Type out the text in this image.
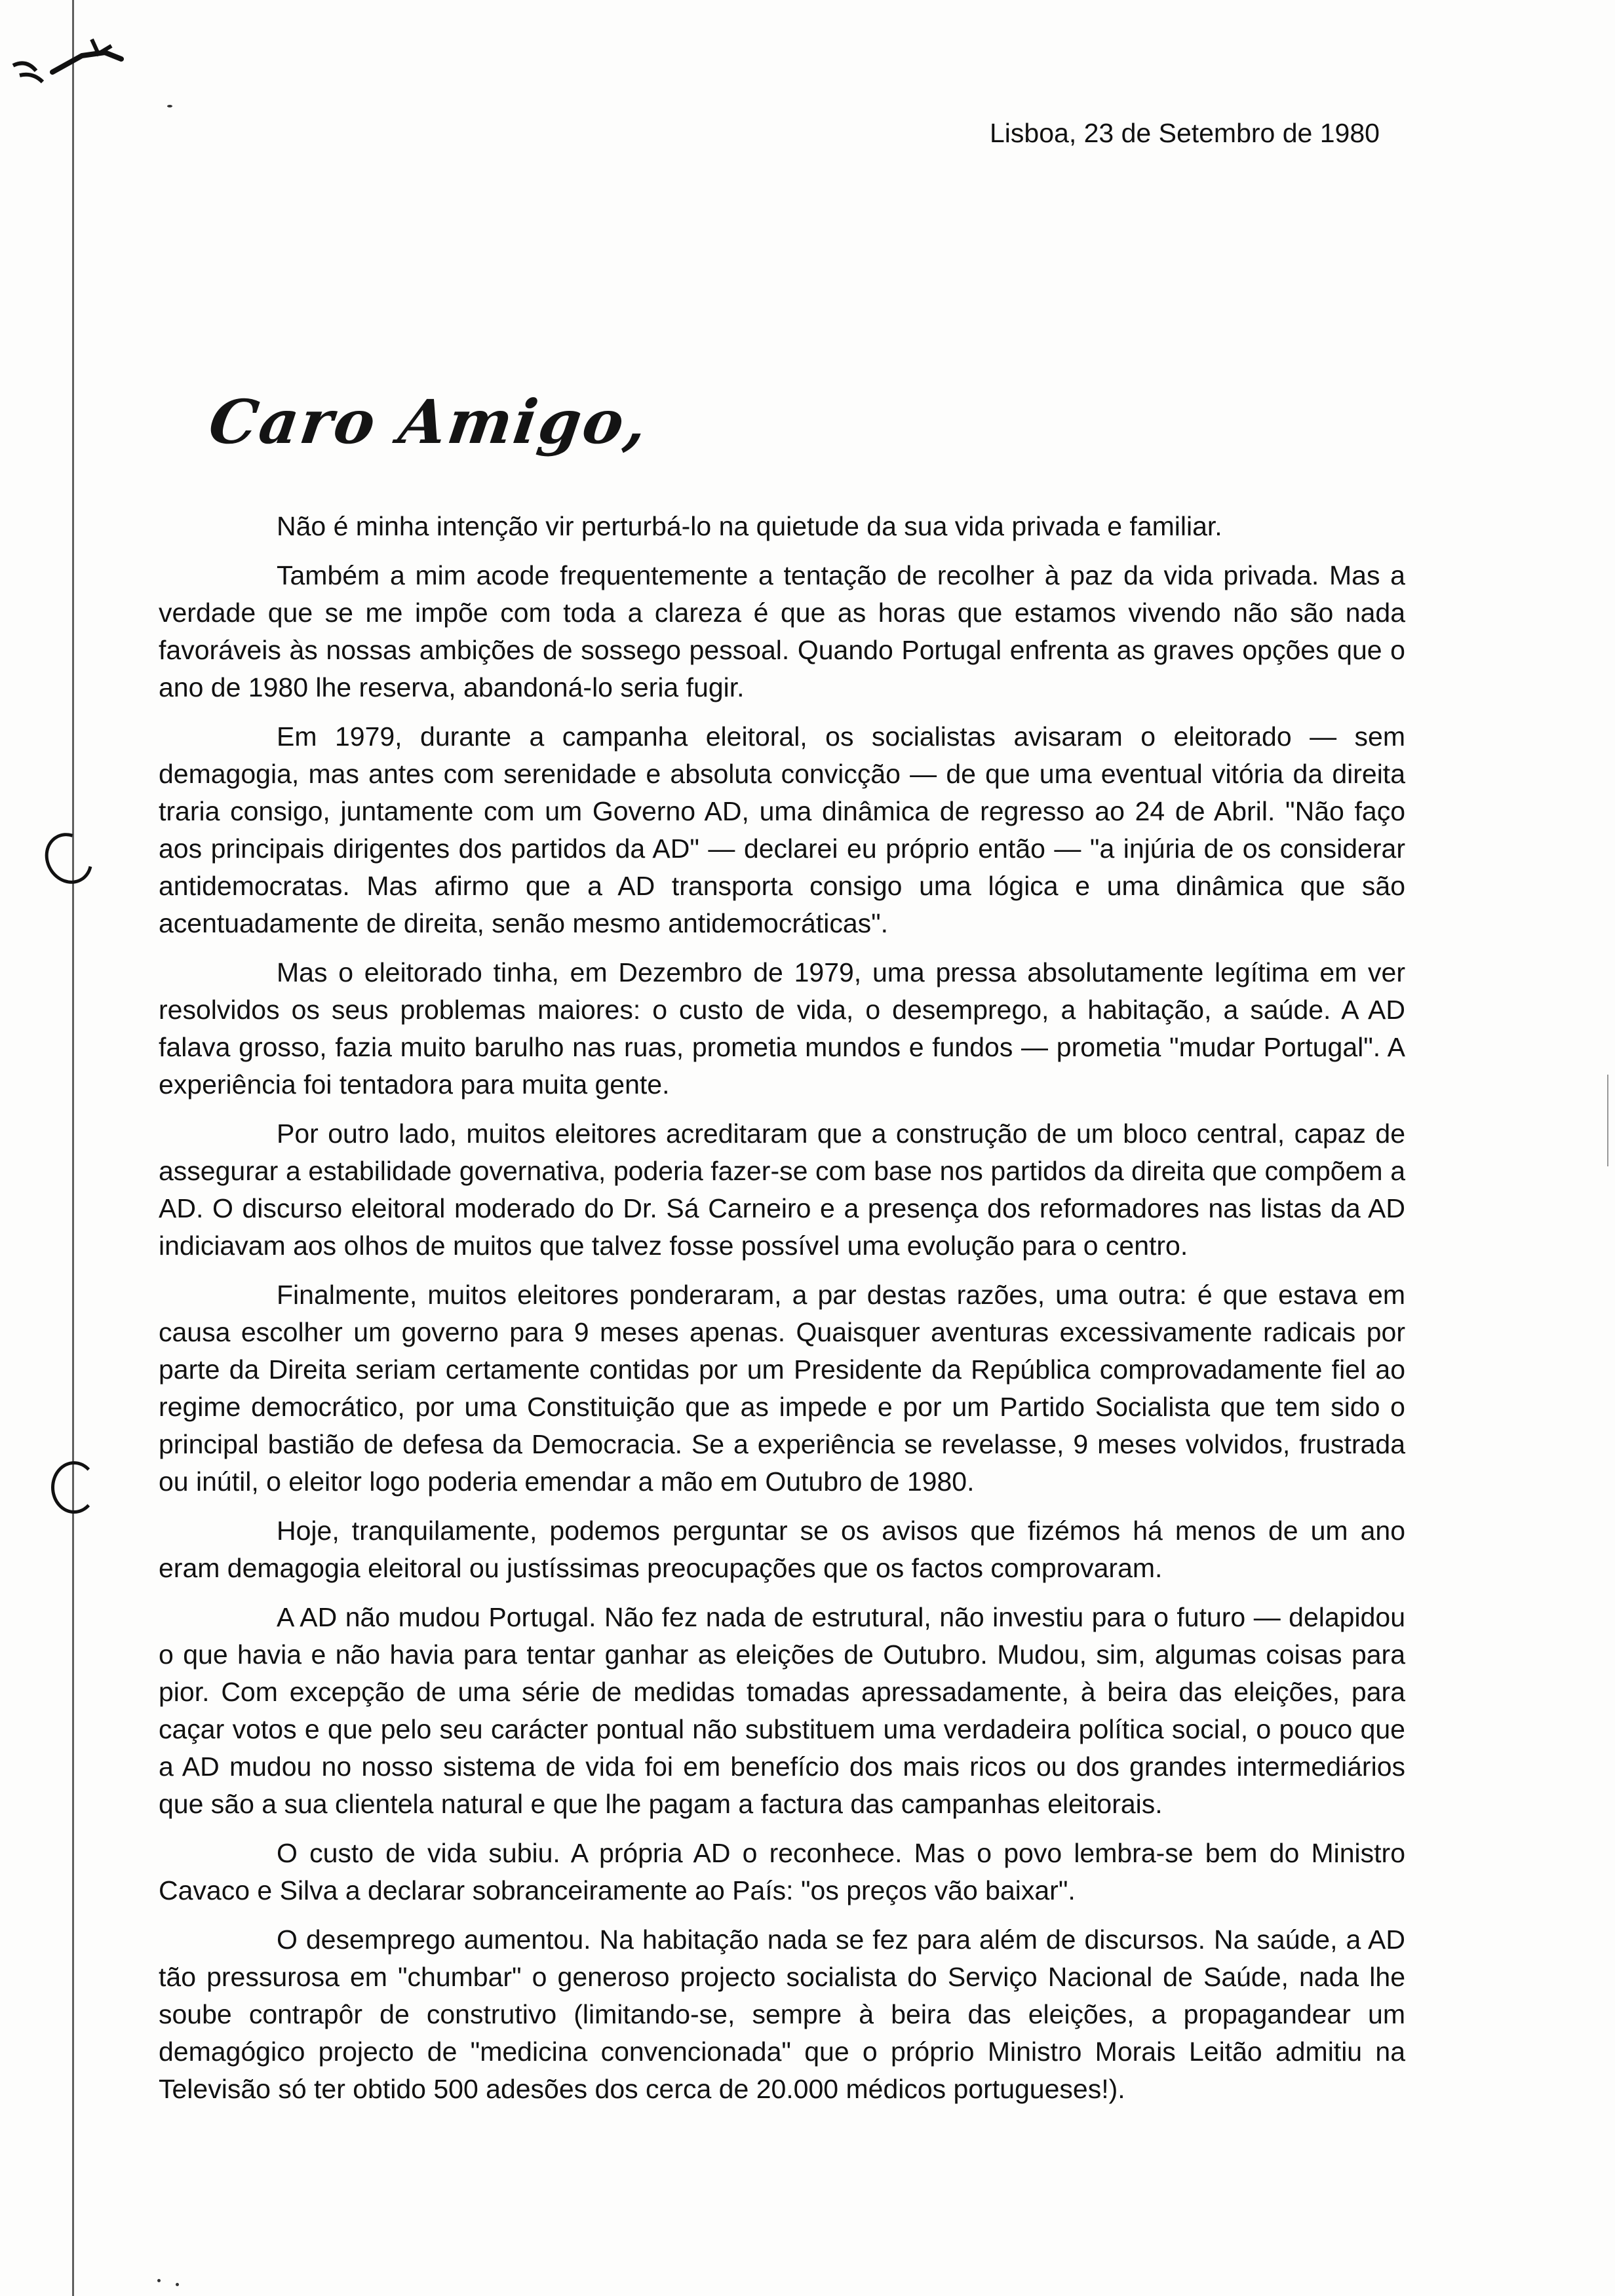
Lisboa, 23 de Setembro de 1980
Caro Amigo,

Não é minha intenção vir perturbá-lo na quietude da sua vida privada e familiar.

Também a mim acode frequentemente a tentação de recolher à paz da vida privada. Mas a verdade que se me impõe com toda a clareza é que as horas que estamos vivendo não são nada favoráveis às nossas ambições de sossego pessoal. Quando Portugal enfrenta as graves opções que o ano de 1980 lhe reserva, abandoná-lo seria fugir.

Em 1979, durante a campanha eleitoral, os socialistas avisaram o eleitorado — sem demagogia, mas antes com serenidade e absoluta convicção — de que uma eventual vitória da direita traria consigo, juntamente com um Governo AD, uma dinâmica de regresso ao 24 de Abril. "Não faço aos principais dirigentes dos partidos da AD" — declarei eu próprio então — "a injúria de os considerar antidemocratas. Mas afirmo que a AD transporta consigo uma lógica e uma dinâmica que são acentuadamente de direita, senão mesmo antidemocráticas".

Mas o eleitorado tinha, em Dezembro de 1979, uma pressa absolutamente legítima em ver resolvidos os seus problemas maiores: o custo de vida, o desemprego, a habitação, a saúde. A AD falava grosso, fazia muito barulho nas ruas, prometia mundos e fundos — prometia "mudar Portugal". A experiência foi tentadora para muita gente.

Por outro lado, muitos eleitores acreditaram que a construção de um bloco central, capaz de assegurar a estabilidade governativa, poderia fazer-se com base nos partidos da direita que compõem a AD. O discurso eleitoral moderado do Dr. Sá Carneiro e a presença dos reformadores nas listas da AD indiciavam aos olhos de muitos que talvez fosse possível uma evolução para o centro.

Finalmente, muitos eleitores ponderaram, a par destas razões, uma outra: é que estava em causa escolher um governo para 9 meses apenas. Quaisquer aventuras excessivamente radicais por parte da Direita seriam certamente contidas por um Presidente da República comprovadamente fiel ao regime democrático, por uma Constituição que as impede e por um Partido Socialista que tem sido o principal bastião de defesa da Democracia. Se a experiência se revelasse, 9 meses volvidos, frustrada ou inútil, o eleitor logo poderia emendar a mão em Outubro de 1980.

Hoje, tranquilamente, podemos perguntar se os avisos que fizémos há menos de um ano eram demagogia eleitoral ou justíssimas preocupações que os factos comprovaram.

A AD não mudou Portugal. Não fez nada de estrutural, não investiu para o futuro — delapidou o que havia e não havia para tentar ganhar as eleições de Outubro. Mudou, sim, algumas coisas para pior. Com excepção de uma série de medidas tomadas apressadamente, à beira das eleições, para caçar votos e que pelo seu carácter pontual não substituem uma verdadeira política social, o pouco que a AD mudou no nosso sistema de vida foi em benefício dos mais ricos ou dos grandes intermediários que são a sua clientela natural e que lhe pagam a factura das campanhas eleitorais.

O custo de vida subiu. A própria AD o reconhece. Mas o povo lembra-se bem do Ministro Cavaco e Silva a declarar sobranceiramente ao País: "os preços vão baixar".

O desemprego aumentou. Na habitação nada se fez para além de discursos. Na saúde, a AD tão pressurosa em "chumbar" o generoso projecto socialista do Serviço Nacional de Saúde, nada lhe soube contrapôr de construtivo (limitando-se, sempre à beira das eleições, a propagandear um demagógico projecto de "medicina convencionada" que o próprio Ministro Morais Leitão admitiu na Televisão só ter obtido 500 adesões dos cerca de 20.000 médicos portugueses!).
